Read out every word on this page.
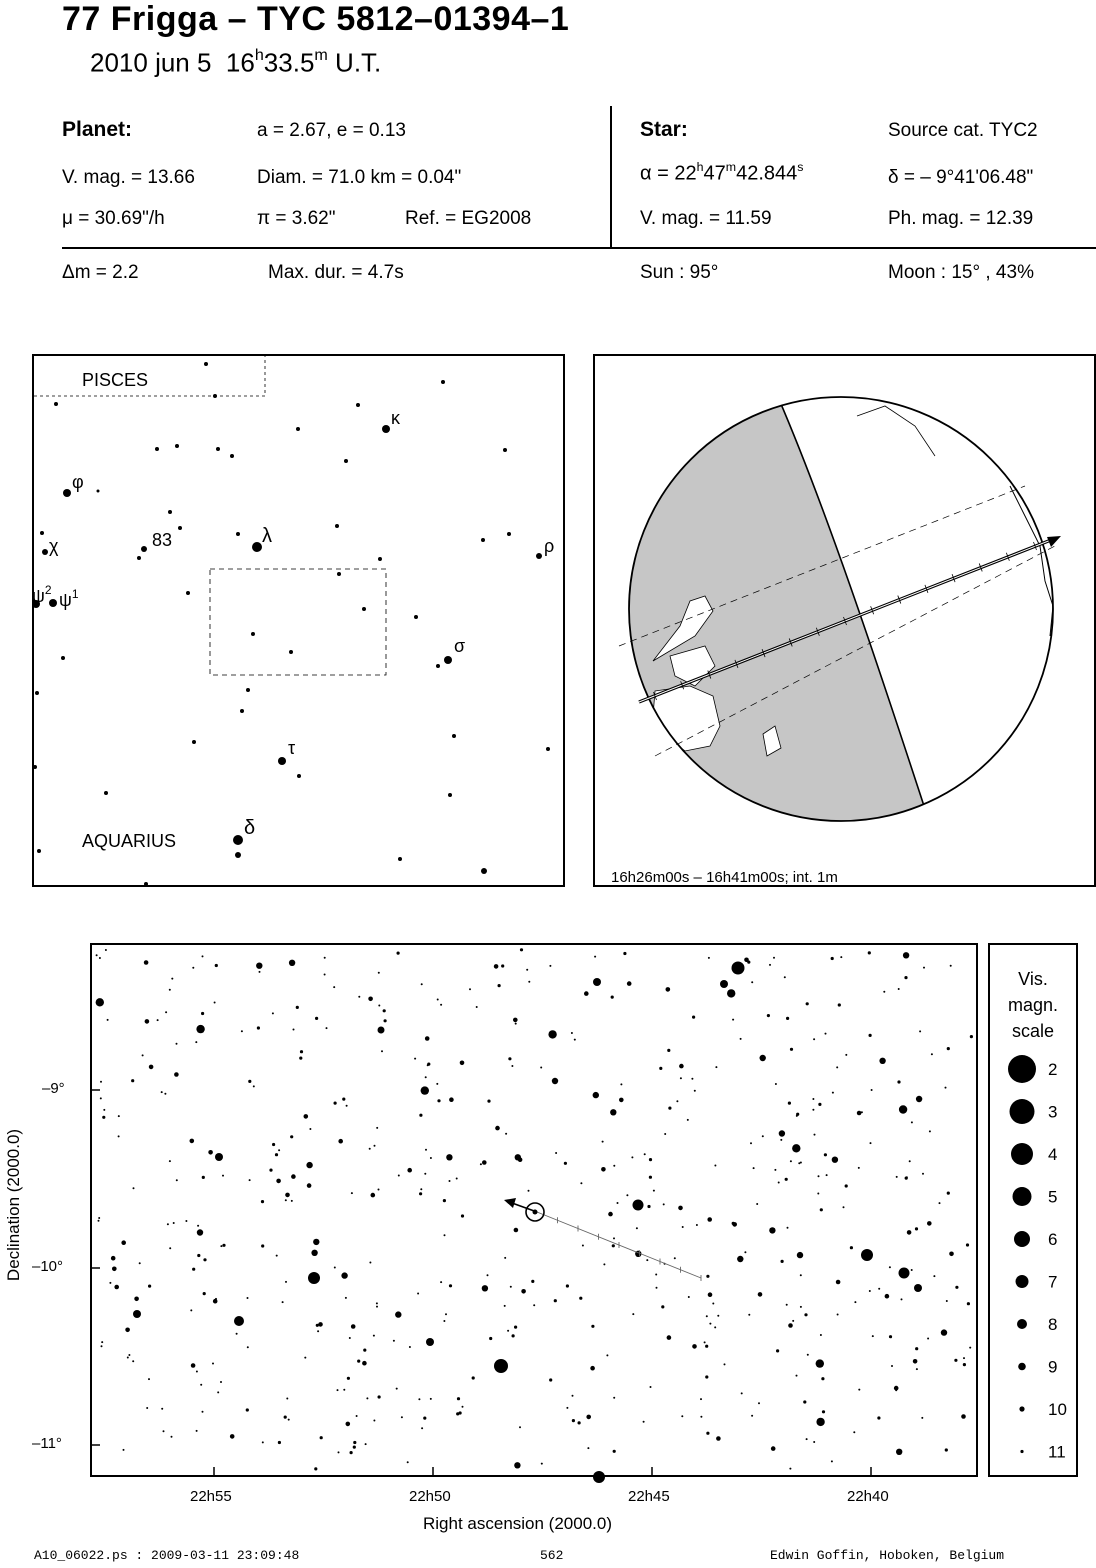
77 Frigga – TYC 5812–01394–1
2010 jun 5 16$^h$33.5$^m$ U.T.
Planet:	a = 2.67, e = 0.13
V. mag. = 13.66	Diam. = 71.0 km = 0.04"
μ = 30.69"/h	π = 3.62"	Ref. = EG2008
Star:	Source cat. TYC2
$\alpha = 22^h47^m42.844^s$	δ = – 9°41'06.48"
V. mag. = 11.59	Ph. mag. = 12.39
Δm = 2.2	Max. dur. = 4.7s	Sun : 95°	Moon : 15° , 43%
PISCES
AQUARIUS
κ
φ
χ	83	λ	ρ
$\psi^2$ $\psi^1$
σ
τ
δ
16h26m00s – 16h41m00s; int. 1m
–9°
–10°
–11°
22h55	22h50	22h45	22h40
Right ascension (2000.0)
Declination (2000.0)
Vis.
magn.
scale
2
3
4
5
6
7
8
9
10
11
A10_06022.ps : 2009-03-11 23:09:48	562	Edwin Goffin, Hoboken, Belgium
